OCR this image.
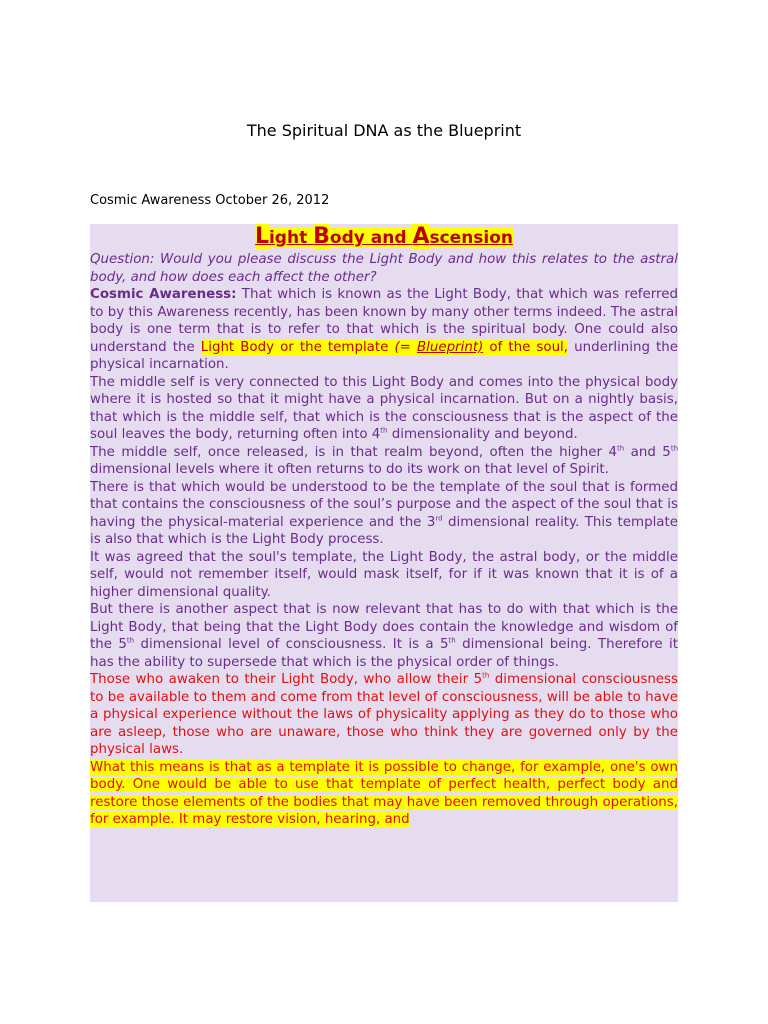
The Spiritual DNA as the Blueprint
Cosmic Awareness October 26, 2012

Light Body and Ascension

Question: Would you please discuss the Light Body and how this relates to the astral body, and how does each affect the other?

Cosmic Awareness: That which is known as the Light Body, that which was referred to by this Awareness recently, has been known by many other terms indeed. The astral body is one term that is to refer to that which is the spiritual body. One could also understand the Light Body or the template (= Blueprint) of the soul, underlining the physical incarnation.

The middle self is very connected to this Light Body and comes into the physical body where it is hosted so that it might have a physical incarnation. But on a nightly basis, that which is the middle self, that which is the consciousness that is the aspect of the soul leaves the body, returning often into 4th dimensionality and beyond.

The middle self, once released, is in that realm beyond, often the higher 4th and 5th dimensional levels where it often returns to do its work on that level of Spirit.

There is that which would be understood to be the template of the soul that is formed that contains the consciousness of the soul’s purpose and the aspect of the soul that is having the physical-material experience and the 3rd dimensional reality. This template is also that which is the Light Body process.

It was agreed that the soul's template, the Light Body, the astral body, or the middle self, would not remember itself, would mask itself, for if it was known that it is of a higher dimensional quality.

But there is another aspect that is now relevant that has to do with that which is the Light Body, that being that the Light Body does contain the knowledge and wisdom of the 5th dimensional level of consciousness. It is a 5th dimensional being. Therefore it has the ability to supersede that which is the physical order of things.

Those who awaken to their Light Body, who allow their 5th dimensional consciousness to be available to them and come from that level of consciousness, will be able to have a physical experience without the laws of physicality applying as they do to those who are asleep, those who are unaware, those who think they are governed only by the physical laws.

What this means is that as a template it is possible to change, for example, one's own body. One would be able to use that template of perfect health, perfect body and restore those elements of the bodies that may have been removed through operations, for example. It may restore vision, hearing, and
